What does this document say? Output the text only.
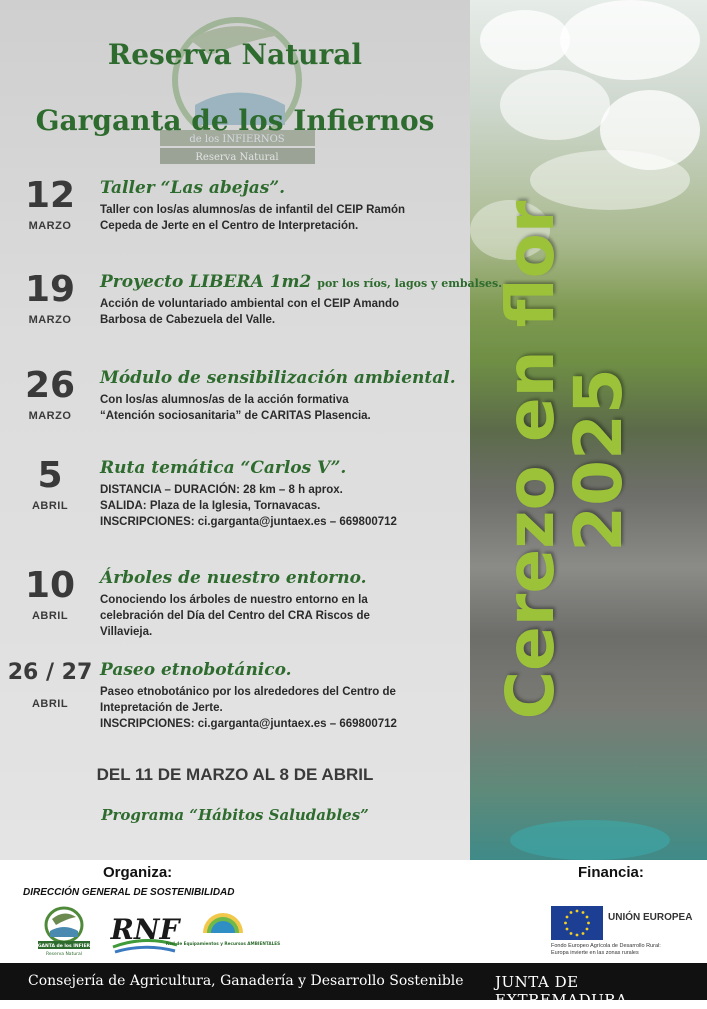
Cerezo en flor
2025
de los INFIERNOS
Reserva Natural
Reserva Natural
Garganta de los Infiernos
12
MARZO
Taller “Las abejas”.
Taller con los/as alumnos/as de infantil del CEIP Ramón
Cepeda de Jerte en el Centro de Interpretación.
19
MARZO
Proyecto LIBERA 1m2 por los ríos, lagos y embalses.
Acción de voluntariado ambiental con el CEIP Amando
Barbosa de Cabezuela del Valle.
26
MARZO
Módulo de sensibilización ambiental.
Con los/as alumnos/as de la acción formativa
“Atención sociosanitaria” de CARITAS Plasencia.
5
ABRIL
Ruta temática “Carlos V”.
DISTANCIA – DURACIÓN: 28 km – 8 h aprox.
SALIDA: Plaza de la Iglesia, Tornavacas.
INSCRIPCIONES: ci.garganta@juntaex.es – 669800712
10
ABRIL
Árboles de nuestro entorno.
Conociendo los árboles de nuestro entorno en la
celebración del Día del Centro del CRA Riscos de
Villavieja.
26 / 27
ABRIL
Paseo etnobotánico.
Paseo etnobotánico por los alrededores del Centro de
Intepretación de Jerte.
INSCRIPCIONES: ci.garganta@juntaex.es – 669800712
DEL 11 DE MARZO AL 8 DE ABRIL
Programa “Hábitos Saludables”
Organiza:
DIRECCIÓN GENERAL DE SOSTENIBILIDAD
GARGANTA de los INFIERNOS
Reserva Natural
RNF
Red de Equipamientos y Recursos AMBIENTALES
Financia:
UNIÓN EUROPEA
Fondo Europeo Agrícola de Desarrollo Rural:
Europa invierte en las zonas rurales
Consejería de Agricultura, Ganadería y Desarrollo Sostenible JUNTA DE EXTREMADURA
